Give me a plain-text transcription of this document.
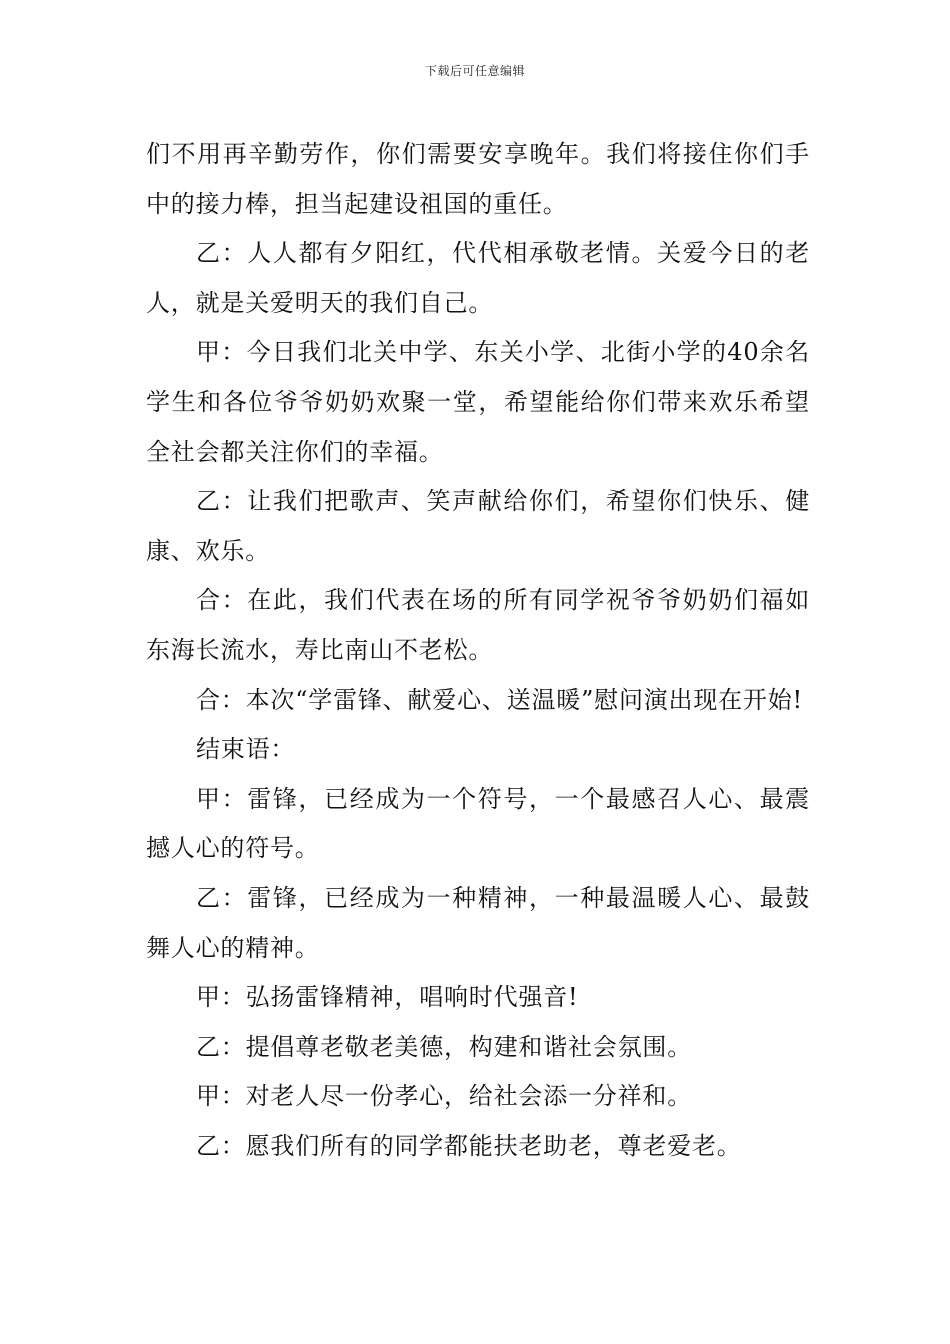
下载后可任意编辑

们不用再辛勤劳作，你们需要安享晚年。我们将接住你们手中的接力棒，担当起建设祖国的重任。

乙：人人都有夕阳红，代代相承敬老情。关爱今日的老人，就是关爱明天的我们自己。

甲：今日我们北关中学、东关小学、北街小学的40余名学生和各位爷爷奶奶欢聚一堂，希望能给你们带来欢乐希望全社会都关注你们的幸福。

乙：让我们把歌声、笑声献给你们，希望你们快乐、健康、欢乐。

合：在此，我们代表在场的所有同学祝爷爷奶奶们福如东海长流水，寿比南山不老松。

合：本次“学雷锋、献爱心、送温暖”慰问演出现在开始!

结束语：

甲：雷锋，已经成为一个符号，一个最感召人心、最震撼人心的符号。

乙：雷锋，已经成为一种精神，一种最温暖人心、最鼓舞人心的精神。

甲：弘扬雷锋精神，唱响时代强音!

乙：提倡尊老敬老美德，构建和谐社会氛围。

甲：对老人尽一份孝心，给社会添一分祥和。

乙：愿我们所有的同学都能扶老助老，尊老爱老。
